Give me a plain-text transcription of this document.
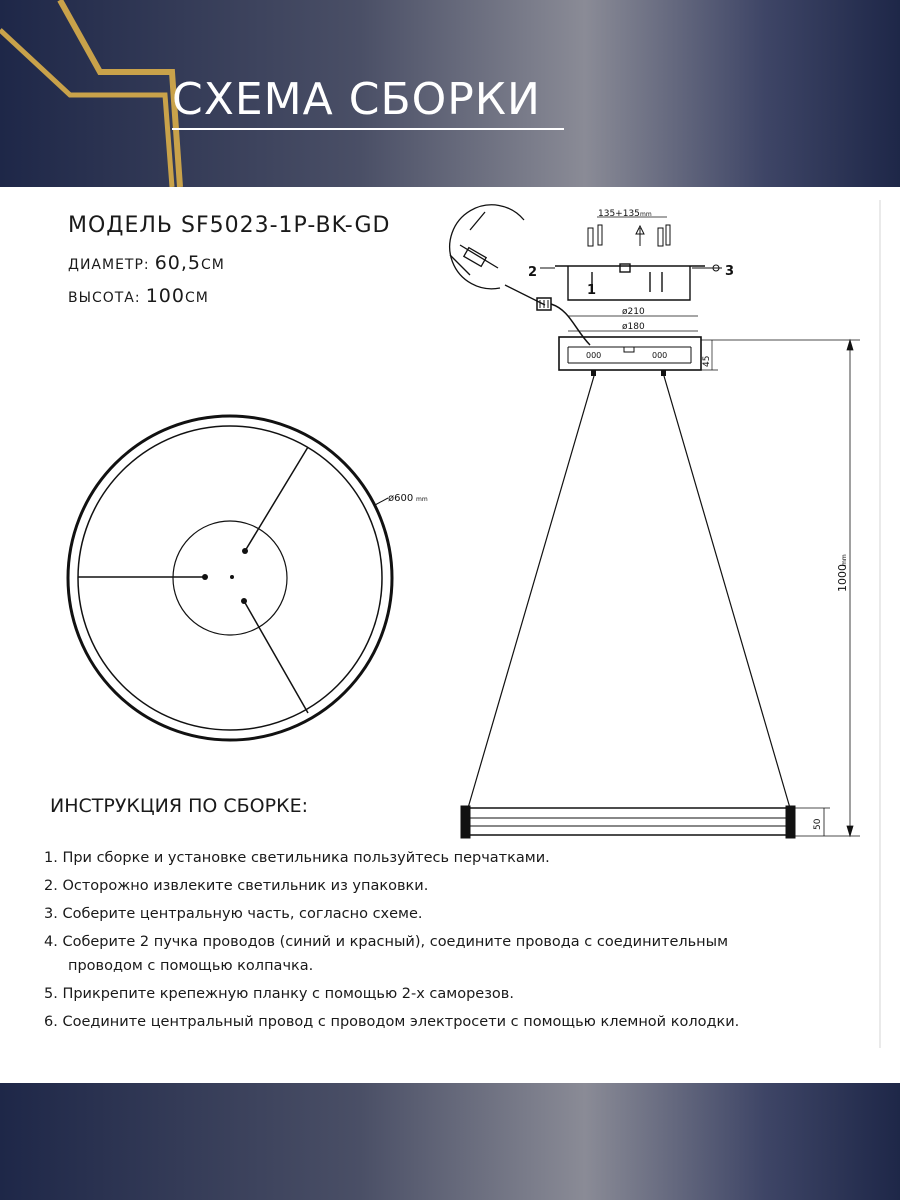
СХЕМА СБОРКИ
МОДЕЛЬ SF5023-1P-BK-GD
ДИАМЕТР: 60,5СМ
ВЫСОТА: 100СМ
ø600 mm
135+135 mm
1
2	3
ø210
ø180
000	000
45
1000
mm
50
ИНСТРУКЦИЯ ПО СБОРКЕ:
1. При сборке и установке светильника пользуйтесь перчатками.
2. Осторожно извлеките светильник из упаковки.
3. Соберите центральную часть, согласно схеме.
4. Соберите 2 пучка проводов (синий и красный), соедините провода с соединительным
проводом с помощью колпачка.
5. Прикрепите крепежную планку с помощью 2-х саморезов.
6. Соедините центральный провод с проводом электросети с помощью клемной колодки.
